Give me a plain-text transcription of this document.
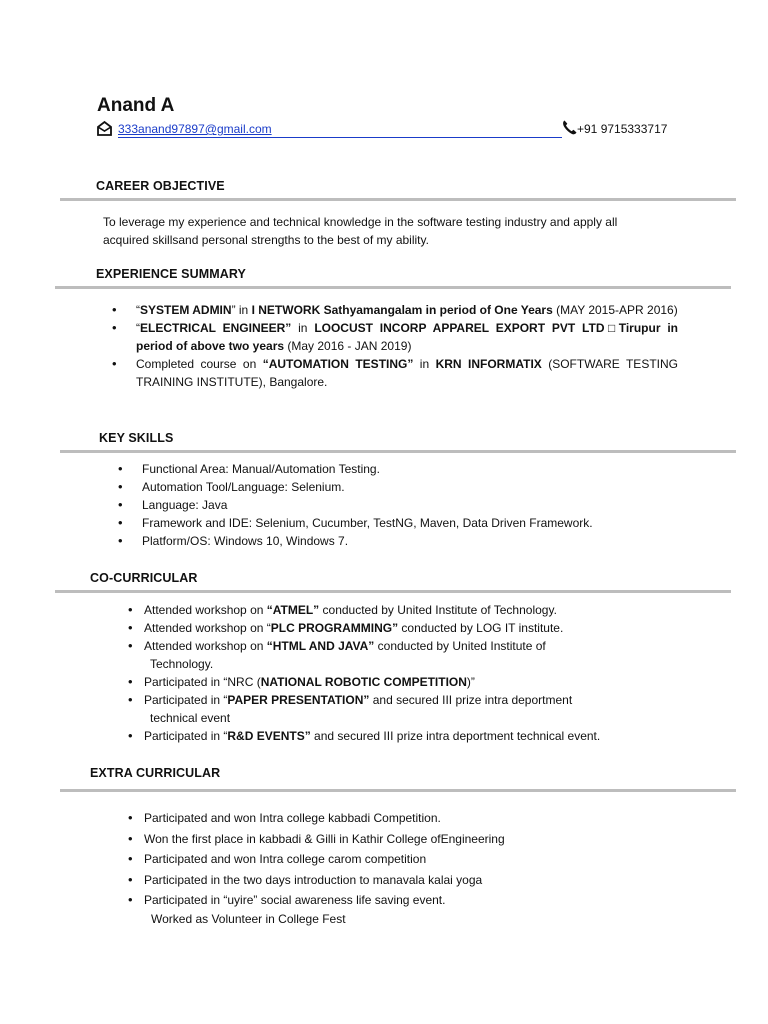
Anand A
333anand97897@gmail.com	+91 9715333717
CAREER OBJECTIVE
To leverage my experience and technical knowledge in the software testing industry and apply all
acquired skillsand personal strengths to the best of my ability.
EXPERIENCE SUMMARY
• “SYSTEM ADMIN” in I NETWORK Sathyamangalam in period of One Years (MAY 2015-APR 2016)
• “ELECTRICAL ENGINEER” in LOOCUST INCORP APPAREL EXPORT PVT LTD□Tirupur in period of above two years (May 2016 - JAN 2019)
• Completed course on “AUTOMATION TESTING” in KRN INFORMATIX (SOFTWARE TESTING TRAINING INSTITUTE), Bangalore.
KEY SKILLS
• Functional Area: Manual/Automation Testing.
• Automation Tool/Language: Selenium.
• Language: Java
• Framework and IDE: Selenium, Cucumber, TestNG, Maven, Data Driven Framework.
• Platform/OS: Windows 10, Windows 7.
CO-CURRICULAR
• Attended workshop on “ATMEL” conducted by United Institute of Technology.
• Attended workshop on “PLC PROGRAMMING” conducted by LOG IT institute.
• Attended workshop on “HTML AND JAVA” conducted by United Institute of Technology.
• Participated in “NRC (NATIONAL ROBOTIC COMPETITION)”
• Participated in “PAPER PRESENTATION” and secured III prize intra deportment technical event
• Participated in “R&D EVENTS” and secured III prize intra deportment technical event.
EXTRA CURRICULAR
• Participated and won Intra college kabbadi Competition.
• Won the first place in kabbadi & Gilli in Kathir College ofEngineering
• Participated and won Intra college carom competition
• Participated in the two days introduction to manavala kalai yoga
• Participated in “uyire” social awareness life saving event.
Worked as Volunteer in College Fest
